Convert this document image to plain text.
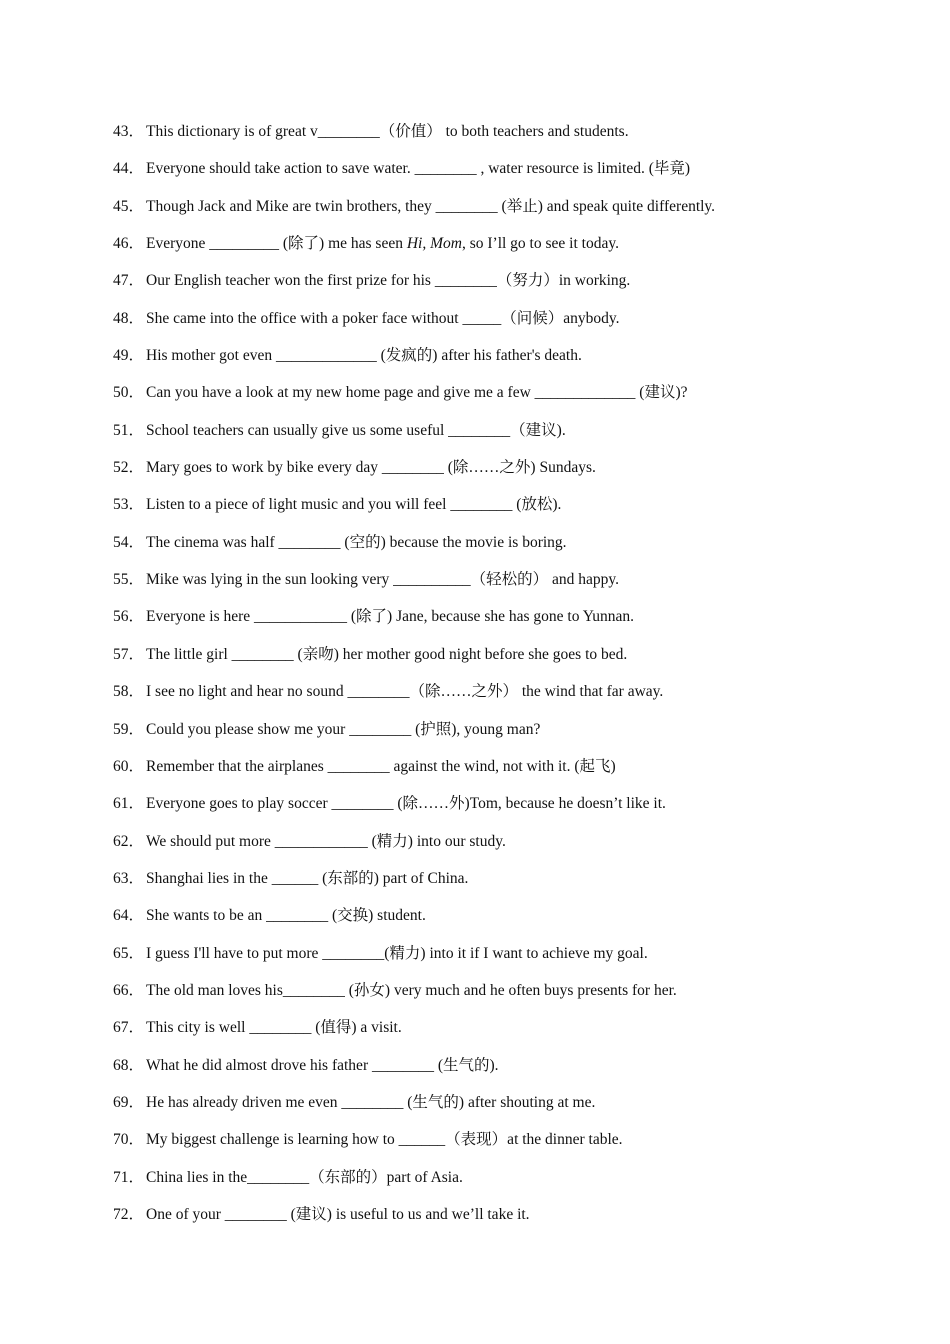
43． This dictionary is of great v________（价值） to both teachers and students.
44． Everyone should take action to save water. ________ , water resource is limited. (毕竟)
45． Though Jack and Mike are twin brothers, they ________ (举止) and speak quite differently.
46． Everyone _________ (除了) me has seen Hi, Mom, so I’ll go to see it today.
47． Our English teacher won the first prize for his ________（努力）in working.
48． She came into the office with a poker face without _____（问候）anybody.
49． His mother got even _____________ (发疯的) after his father's death.
50． Can you have a look at my new home page and give me a few _____________ (建议)?
51． School teachers can usually give us some useful ________（建议).
52． Mary goes to work by bike every day ________ (除……之外) Sundays.
53． Listen to a piece of light music and you will feel ________ (放松).
54． The cinema was half ________ (空的) because the movie is boring.
55． Mike was lying in the sun looking very __________（轻松的） and happy.
56． Everyone is here ____________ (除了) Jane, because she has gone to Yunnan.
57． The little girl ________ (亲吻) her mother good night before she goes to bed.
58． I see no light and hear no sound ________（除……之外） the wind that far away.
59． Could you please show me your ________ (护照), young man?
60． Remember that the airplanes ________ against the wind, not with it. (起飞)
61． Everyone goes to play soccer ________ (除……外)Tom, because he doesn’t like it.
62． We should put more ____________ (精力) into our study.
63． Shanghai lies in the ______ (东部的) part of China.
64． She wants to be an ________ (交换) student.
65． I guess I'll have to put more ________(精力) into it if I want to achieve my goal.
66． The old man loves his________ (孙女) very much and he often buys presents for her.
67． This city is well ________ (值得) a visit.
68． What he did almost drove his father ________ (生气的).
69． He has already driven me even ________ (生气的) after shouting at me.
70． My biggest challenge is learning how to ______（表现）at the dinner table.
71． China lies in the________（东部的）part of Asia.
72． One of your ________ (建议) is useful to us and we’ll take it.
